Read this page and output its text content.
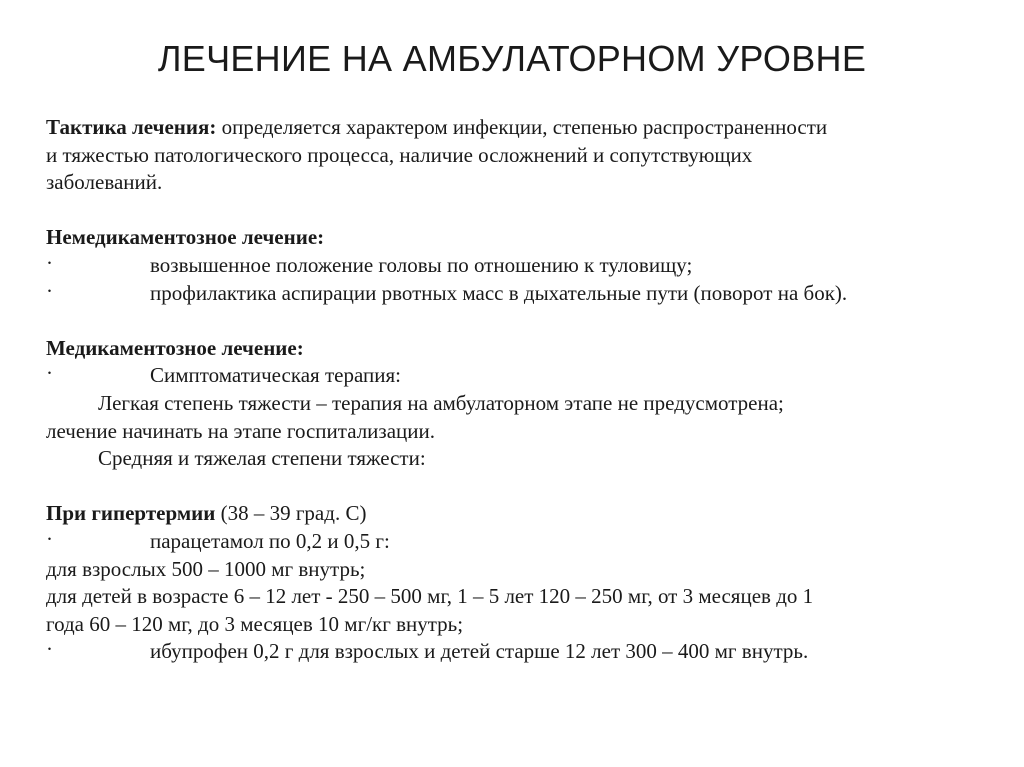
ЛЕЧЕНИЕ НА АМБУЛАТОРНОМ УРОВНЕ
Тактика лечения: определяется характером инфекции, степенью распространенности
и тяжестью патологического процесса, наличие осложнений и сопутствующих
заболеваний.
Немедикаментозное лечение:
·	возвышенное положение головы по отношению к туловищу;
·	профилактика аспирации рвотных масс в дыхательные пути (поворот на бок).
Медикаментозное лечение:
·	Симптоматическая терапия:
Легкая степень тяжести – терапия на амбулаторном этапе не предусмотрена;
лечение начинать на этапе госпитализации.
Средняя и тяжелая степени тяжести:
При гипертермии (38 – 39 град. С)
·	парацетамол по 0,2 и 0,5 г:
для взрослых 500 – 1000 мг внутрь;
для детей в возрасте 6 – 12 лет - 250 – 500 мг, 1 – 5 лет 120 – 250 мг, от 3 месяцев до 1
года 60 – 120 мг, до 3 месяцев 10 мг/кг внутрь;
·	ибупрофен 0,2 г для взрослых и детей старше 12 лет 300 – 400 мг внутрь.
